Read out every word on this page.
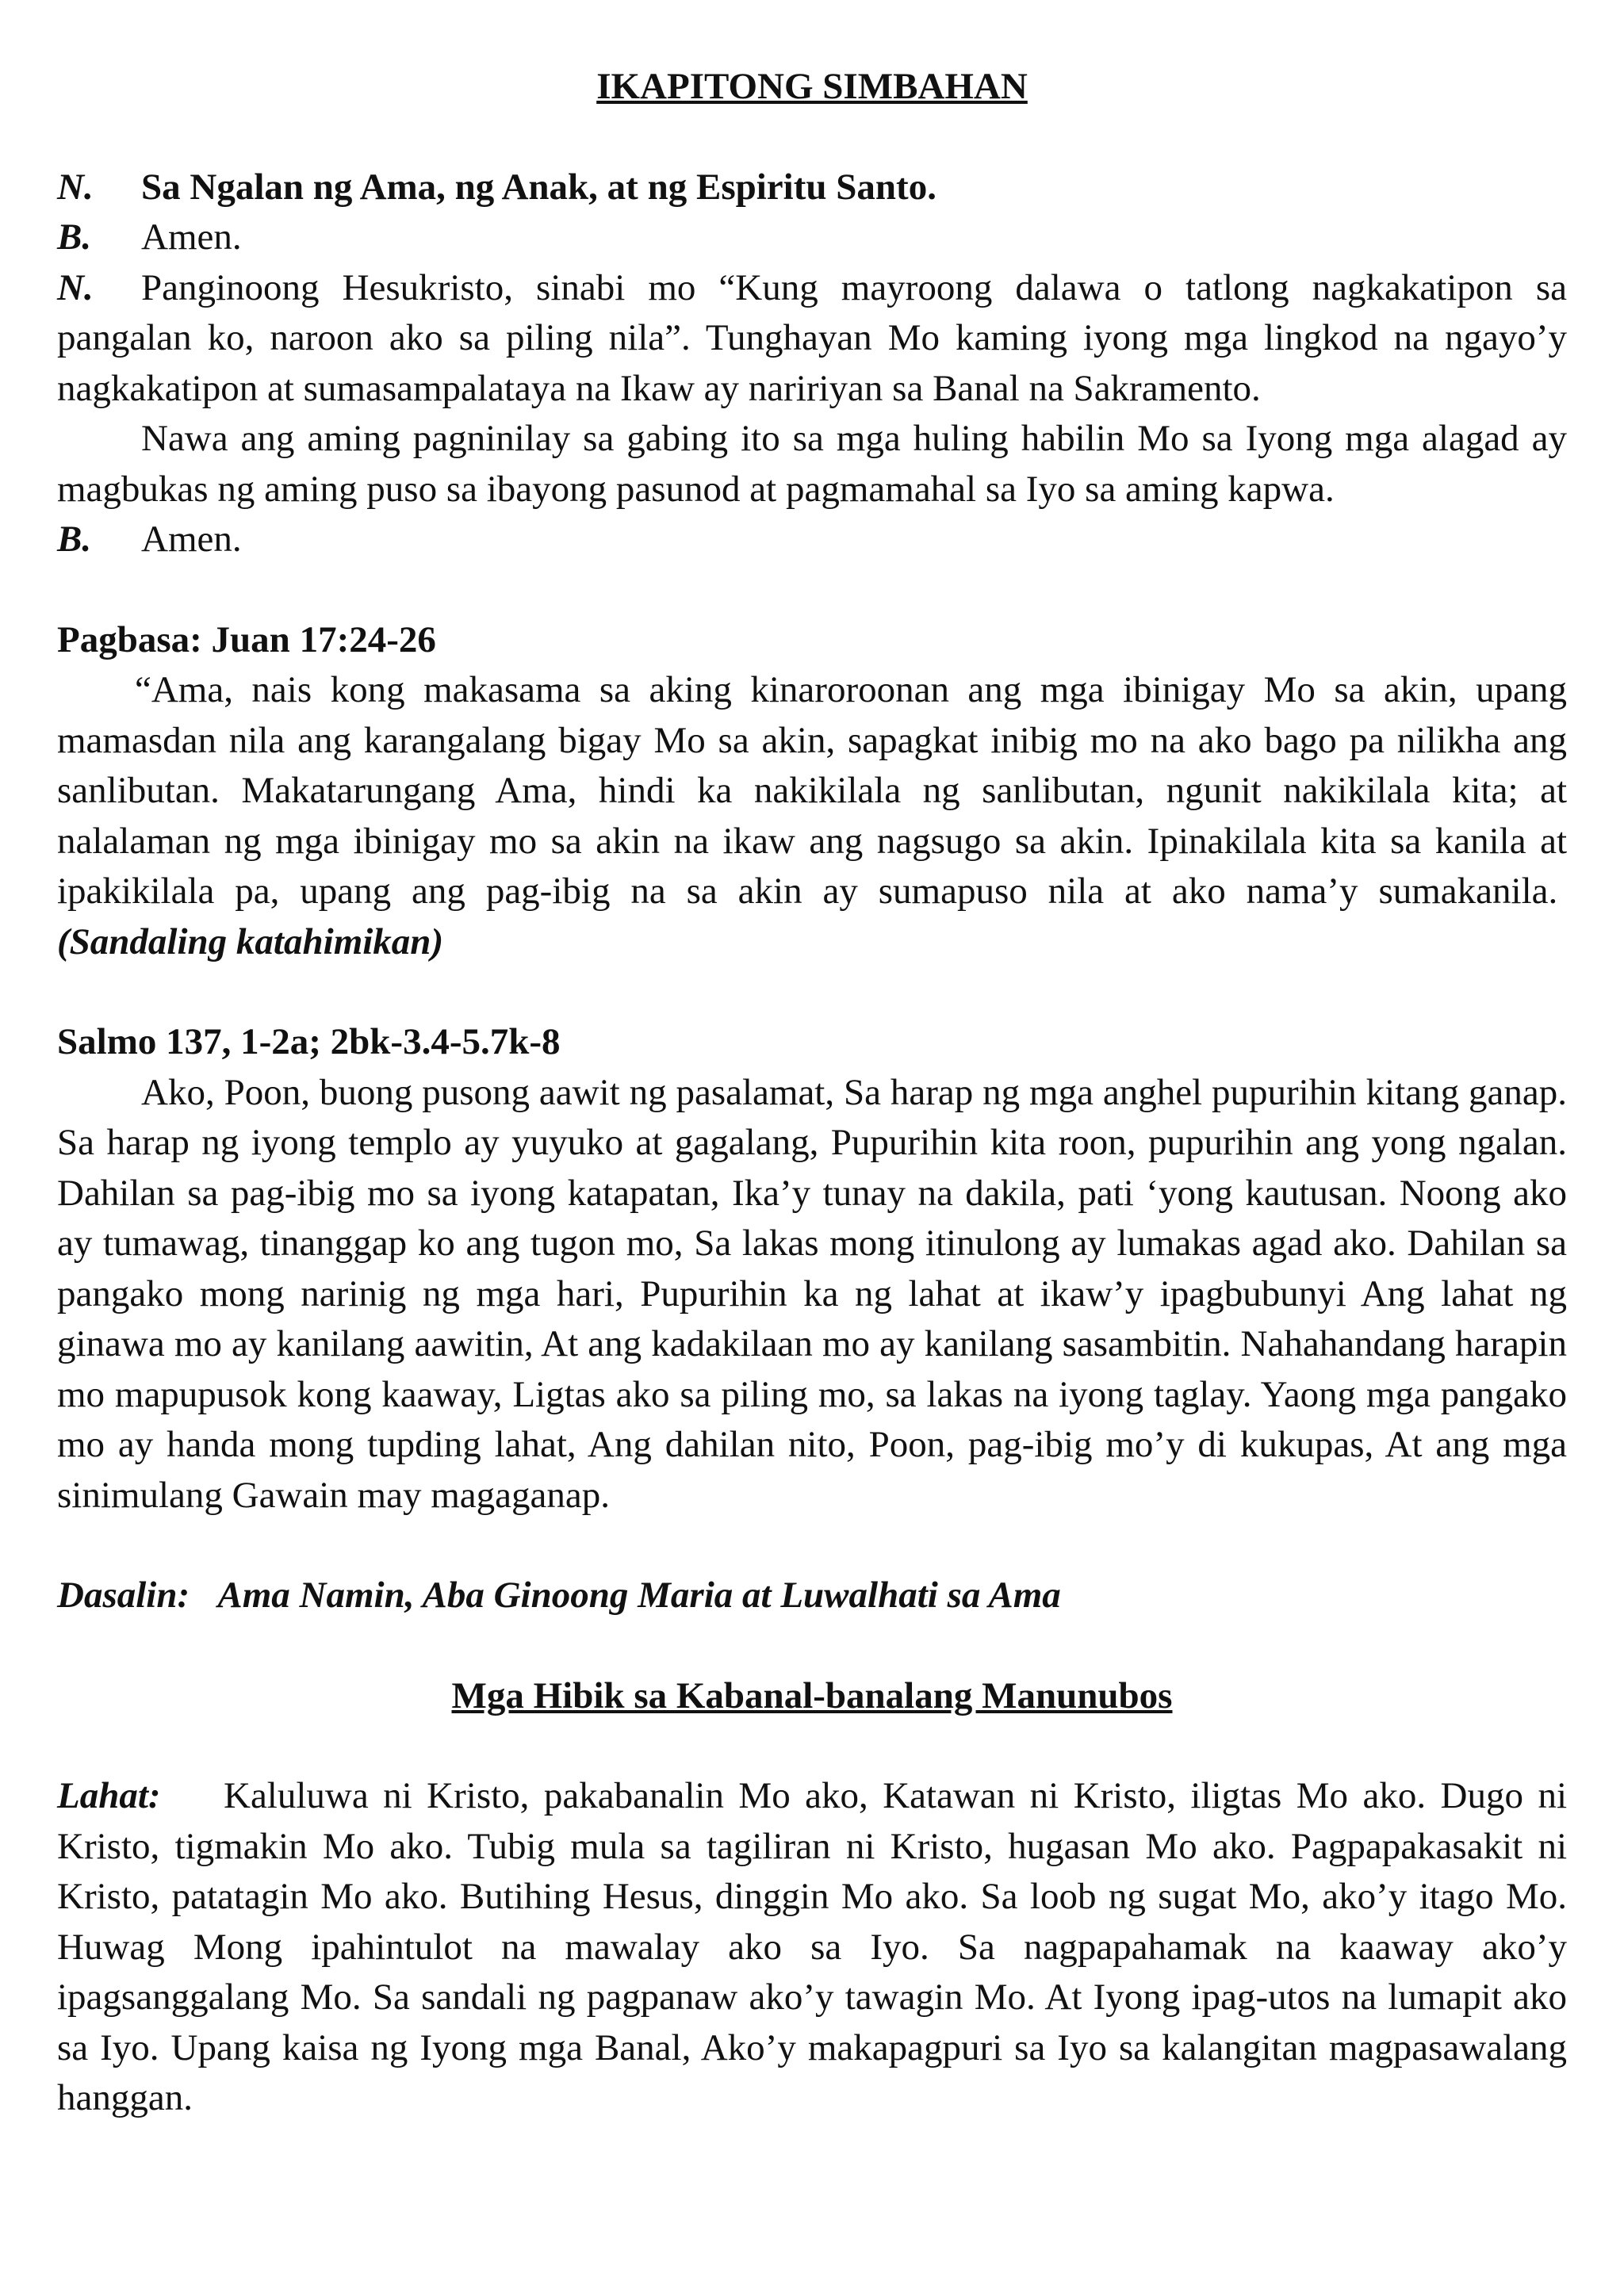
IKAPITONG SIMBAHAN

N. Sa Ngalan ng Ama, ng Anak, at ng Espiritu Santo.

B. Amen.

N. Panginoong Hesukristo, sinabi mo “Kung mayroong dalawa o tatlong nagkakatipon sa pangalan ko, naroon ako sa piling nila”. Tunghayan Mo kaming iyong mga lingkod na ngayo’y nagkakatipon at sumasampalataya na Ikaw ay naririyan sa Banal na Sakramento.

Nawa ang aming pagninilay sa gabing ito sa mga huling habilin Mo sa Iyong mga alagad ay magbukas ng aming puso sa ibayong pasunod at pagmamahal sa Iyo sa aming kapwa.

B. Amen.

Pagbasa: Juan 17:24-26

“Ama, nais kong makasama sa aking kinaroroonan ang mga ibinigay Mo sa akin, upang mamasdan nila ang karangalang bigay Mo sa akin, sapagkat inibig mo na ako bago pa nilikha ang sanlibutan. Makatarungang Ama, hindi ka nakikilala ng sanlibutan, ngunit nakikilala kita; at nalalaman ng mga ibinigay mo sa akin na ikaw ang nagsugo sa akin. Ipinakilala kita sa kanila at ipakikilala pa, upang ang pag-ibig na sa akin ay sumapuso nila at ako nama’y sumakanila.  (Sandaling katahimikan)

Salmo 137, 1-2a; 2bk-3.4-5.7k-8

Ako, Poon, buong pusong aawit ng pasalamat, Sa harap ng mga anghel pupurihin kitang ganap. Sa harap ng iyong templo ay yuyuko at gagalang, Pupurihin kita roon, pupurihin ang yong ngalan. Dahilan sa pag-ibig mo sa iyong katapatan, Ika’y tunay na dakila, pati ‘yong kautusan. Noong ako ay tumawag, tinanggap ko ang tugon mo, Sa lakas mong itinulong ay lumakas agad ako. Dahilan sa pangako mong narinig ng mga hari, Pupurihin ka ng lahat at ikaw’y ipagbubunyi Ang lahat ng ginawa mo ay kanilang aawitin, At ang kadakilaan mo ay kanilang sasambitin. Nahahandang harapin mo mapupusok kong kaaway, Ligtas ako sa piling mo, sa lakas na iyong taglay. Yaong mga pangako mo ay handa mong tupding lahat, Ang dahilan nito, Poon, pag-ibig mo’y di kukupas, At ang mga sinimulang Gawain may magaganap.

Dasalin: Ama Namin, Aba Ginoong Maria at Luwalhati sa Ama

Mga Hibik sa Kabanal-banalang Manunubos

Lahat: Kaluluwa ni Kristo, pakabanalin Mo ako, Katawan ni Kristo, iligtas Mo ako. Dugo ni Kristo, tigmakin Mo ako. Tubig mula sa tagiliran ni Kristo, hugasan Mo ako. Pagpapakasakit ni Kristo, patatagin Mo ako. Butihing Hesus, dinggin Mo ako. Sa loob ng sugat Mo, ako’y itago Mo. Huwag Mong ipahintulot na mawalay ako sa Iyo. Sa nagpapahamak na kaaway ako’y ipagsanggalang Mo. Sa sandali ng pagpanaw ako’y tawagin Mo. At Iyong ipag-utos na lumapit ako sa Iyo. Upang kaisa ng Iyong mga Banal, Ako’y makapagpuri sa Iyo sa kalangitan magpasawalang hanggan.
